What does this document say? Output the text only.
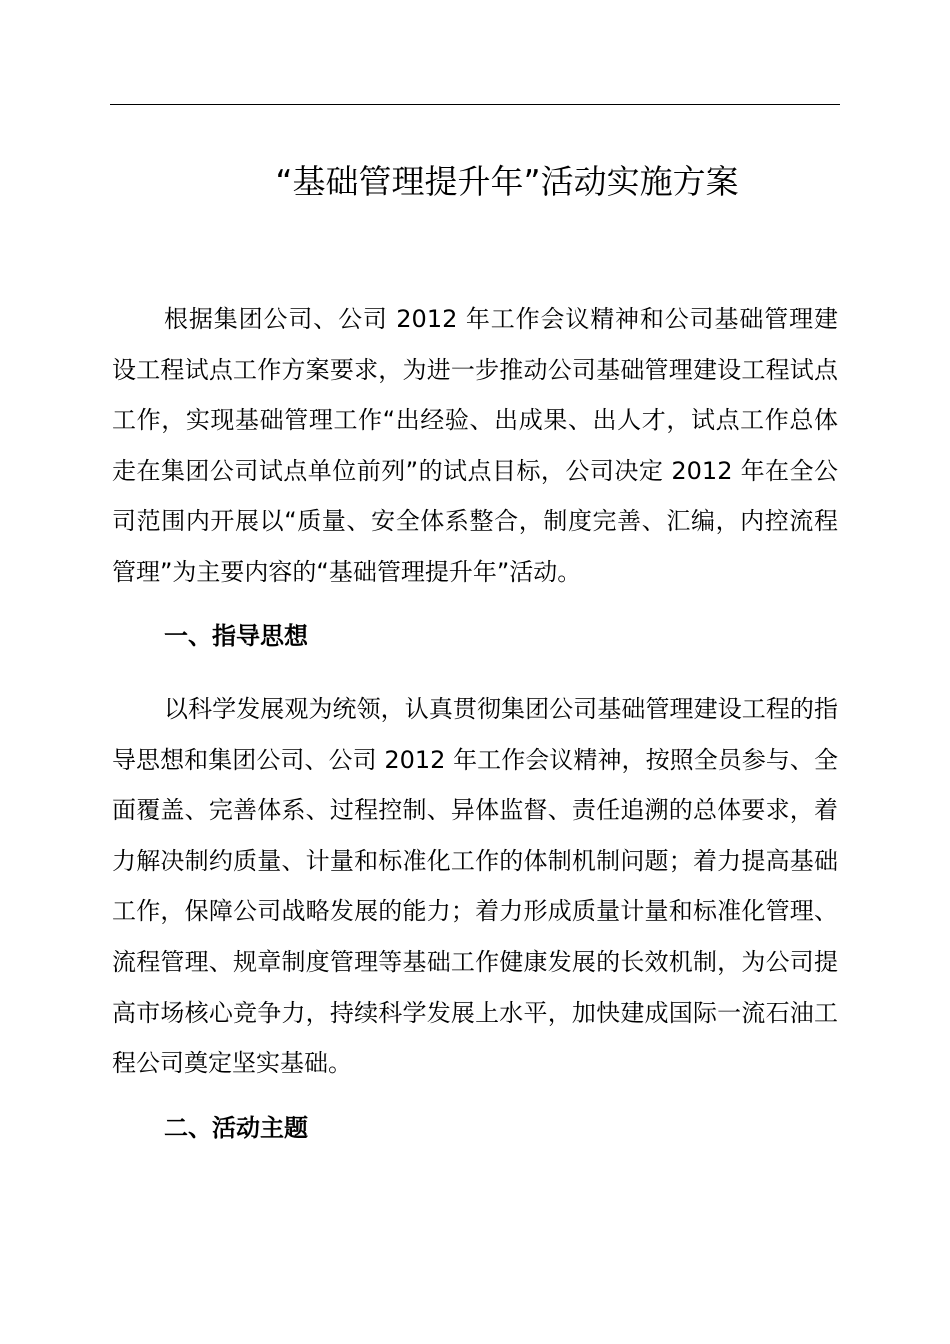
“基础管理提升年”活动实施方案

根据集团公司、公司 2012 年工作会议精神和公司基础管理建设工程试点工作方案要求，为进一步推动公司基础管理建设工程试点工作，实现基础管理工作“出经验、出成果、出人才，试点工作总体走在集团公司试点单位前列”的试点目标，公司决定 2012 年在全公司范围内开展以“质量、安全体系整合，制度完善、汇编，内控流程管理”为主要内容的“基础管理提升年”活动。

一、指导思想

以科学发展观为统领，认真贯彻集团公司基础管理建设工程的指导思想和集团公司、公司 2012 年工作会议精神，按照全员参与、全面覆盖、完善体系、过程控制、异体监督、责任追溯的总体要求，着力解决制约质量、计量和标准化工作的体制机制问题；着力提高基础工作，保障公司战略发展的能力；着力形成质量计量和标准化管理、流程管理、规章制度管理等基础工作健康发展的长效机制，为公司提高市场核心竞争力，持续科学发展上水平，加快建成国际一流石油工程公司奠定坚实基础。

二、活动主题
